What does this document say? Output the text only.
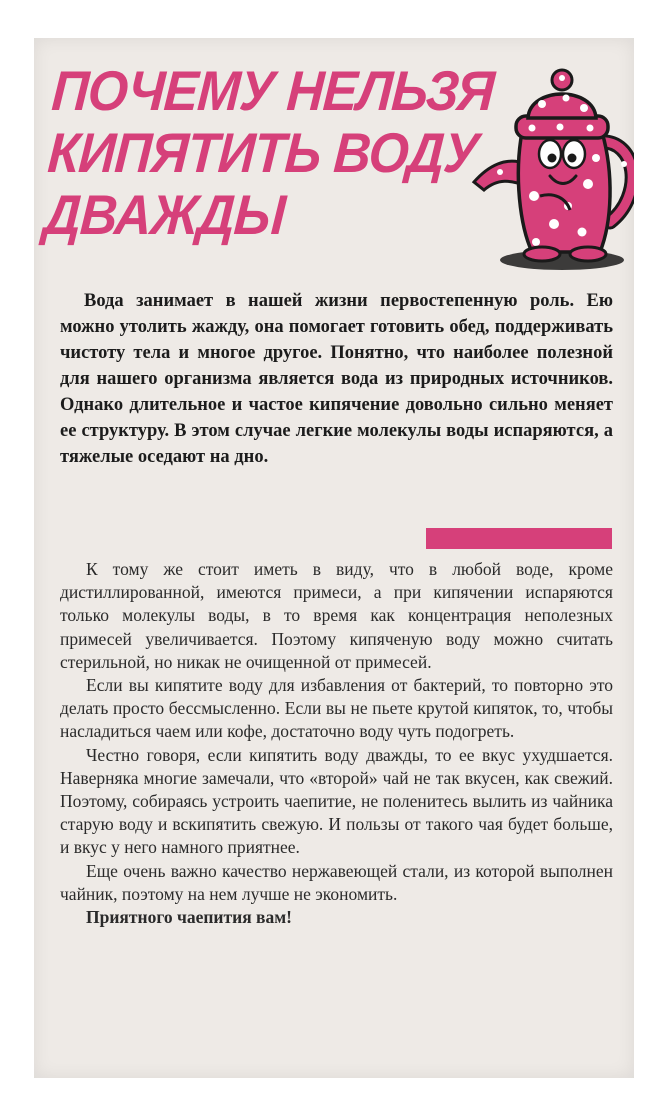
ПОЧЕМУ НЕЛЬЗЯ
КИПЯТИТЬ ВОДУ
ДВАЖДЫ

Вода занимает в нашей жизни первостепенную роль. Ею можно утолить жажду, она помогает готовить обед, поддерживать чистоту тела и многое другое. Понятно, что наиболее полезной для нашего организма является вода из природных источников. Однако длительное и частое кипячение довольно сильно меняет ее структуру. В этом случае легкие молекулы воды испаряются, а тяжелые оседают на дно.

К тому же стоит иметь в виду, что в любой воде, кроме дистиллированной, имеются примеси, а при кипячении испаряются только молекулы воды, в то время как концентрация неполезных примесей увеличивается. Поэтому кипяченую воду можно считать стерильной, но никак не очищенной от примесей.

Если вы кипятите воду для избавления от бактерий, то повторно это делать просто бессмысленно. Если вы не пьете крутой кипяток, то, чтобы насладиться чаем или кофе, достаточно воду чуть подогреть.

Честно говоря, если кипятить воду дважды, то ее вкус ухудшается. Наверняка многие замечали, что «второй» чай не так вкусен, как свежий. Поэтому, собираясь устроить чаепитие, не поленитесь вылить из чайника старую воду и вскипятить свежую. И пользы от такого чая будет больше, и вкус у него намного приятнее.

Еще очень важно качество нержавеющей стали, из которой выполнен чайник, поэтому на нем лучше не экономить.

Приятного чаепития вам!
